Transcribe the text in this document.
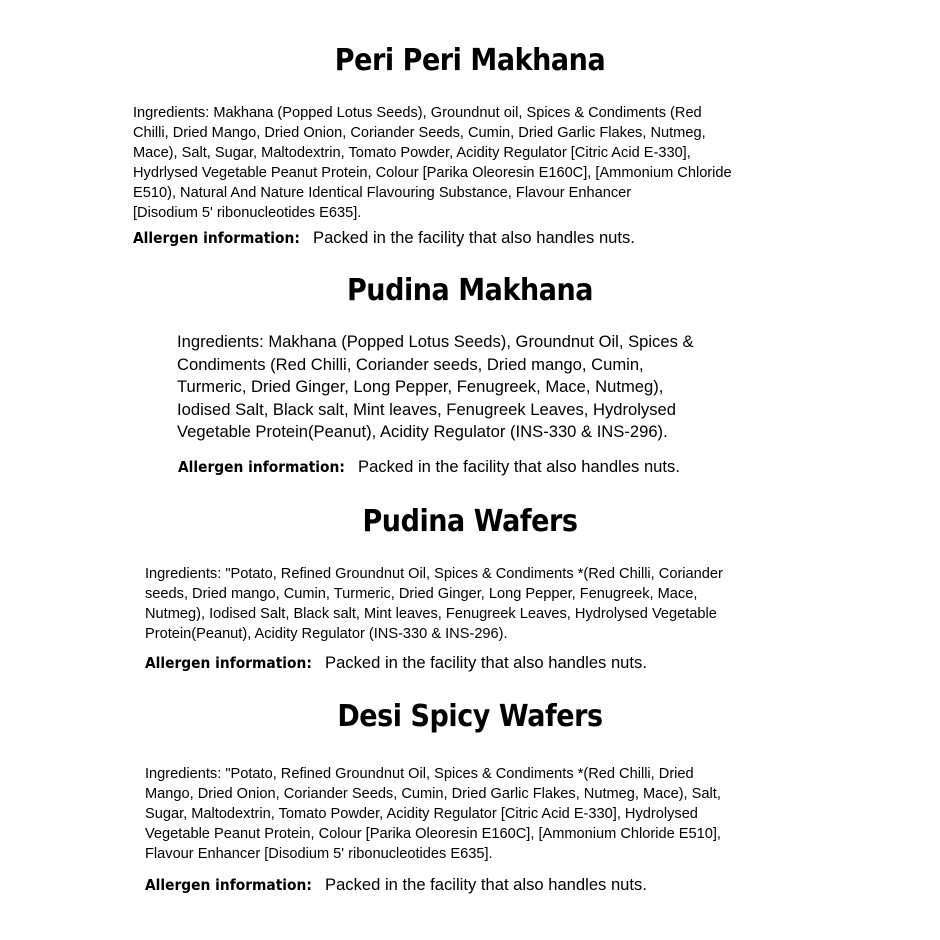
Peri Peri Makhana
Ingredients: Makhana (Popped Lotus Seeds), Groundnut oil, Spices & Condiments (Red
Chilli, Dried Mango, Dried Onion, Coriander Seeds, Cumin, Dried Garlic Flakes, Nutmeg,
Mace), Salt, Sugar, Maltodextrin, Tomato Powder, Acidity Regulator [Citric Acid E-330],
Hydrlysed Vegetable Peanut Protein, Colour [Parika Oleoresin E160C], [Ammonium Chloride
E510), Natural And Nature Identical Flavouring Substance, Flavour Enhancer
[Disodium 5' ribonucleotides E635].
Allergen information: Packed in the facility that also handles nuts.
Pudina Makhana
Ingredients: Makhana (Popped Lotus Seeds), Groundnut Oil, Spices &
Condiments (Red Chilli, Coriander seeds, Dried mango, Cumin,
Turmeric, Dried Ginger, Long Pepper, Fenugreek, Mace, Nutmeg),
Iodised Salt, Black salt, Mint leaves, Fenugreek Leaves, Hydrolysed
Vegetable Protein(Peanut), Acidity Regulator (INS-330 & INS-296).
Allergen information: Packed in the facility that also handles nuts.
Pudina Wafers
Ingredients: "Potato, Refined Groundnut Oil, Spices & Condiments *(Red Chilli, Coriander
seeds, Dried mango, Cumin, Turmeric, Dried Ginger, Long Pepper, Fenugreek, Mace,
Nutmeg), Iodised Salt, Black salt, Mint leaves, Fenugreek Leaves, Hydrolysed Vegetable
Protein(Peanut), Acidity Regulator (INS-330 & INS-296).
Allergen information: Packed in the facility that also handles nuts.
Desi Spicy Wafers
Ingredients: "Potato, Refined Groundnut Oil, Spices & Condiments *(Red Chilli, Dried
Mango, Dried Onion, Coriander Seeds, Cumin, Dried Garlic Flakes, Nutmeg, Mace), Salt,
Sugar, Maltodextrin, Tomato Powder, Acidity Regulator [Citric Acid E-330], Hydrolysed
Vegetable Peanut Protein, Colour [Parika Oleoresin E160C], [Ammonium Chloride E510],
Flavour Enhancer [Disodium 5' ribonucleotides E635].
Allergen information: Packed in the facility that also handles nuts.
